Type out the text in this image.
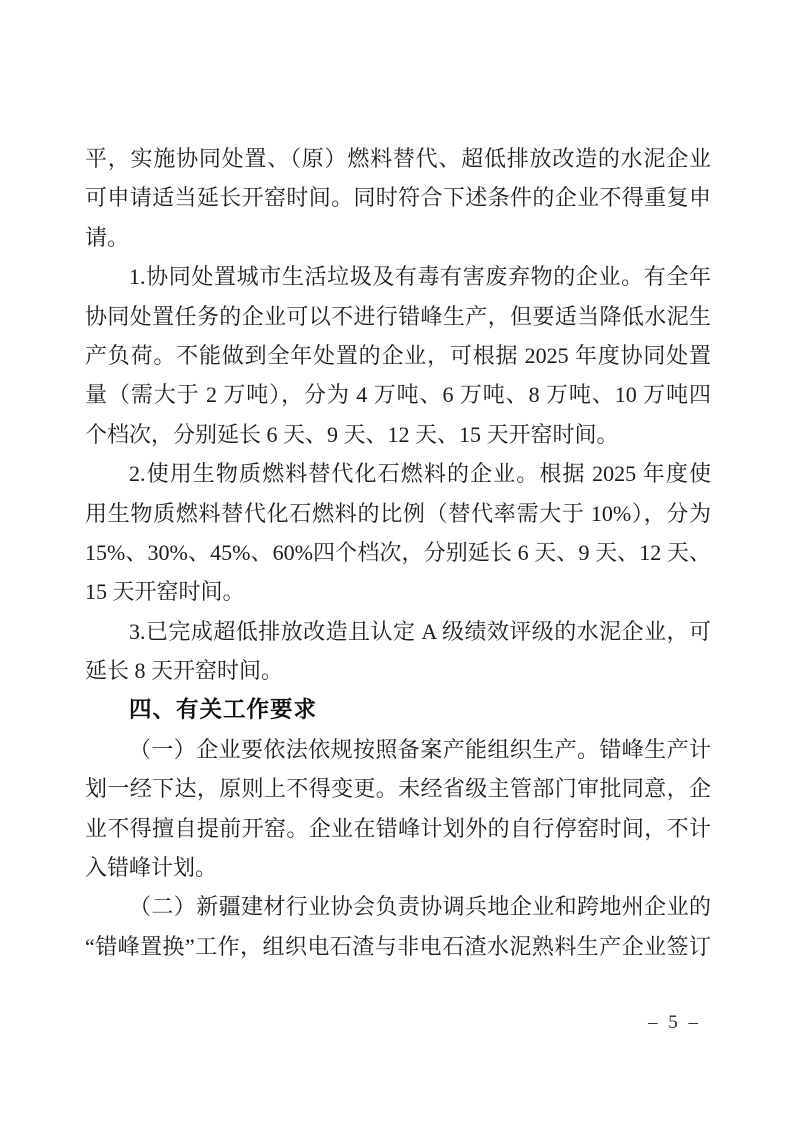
平，实施协同处置、（原）燃料替代、超低排放改造的水泥企业
可申请适当延长开窑时间。同时符合下述条件的企业不得重复申
请。
1.协同处置城市生活垃圾及有毒有害废弃物的企业。有全年
协同处置任务的企业可以不进行错峰生产，但要适当降低水泥生
产负荷。不能做到全年处置的企业，可根据 2025 年度协同处置
量（需大于 2 万吨），分为 4 万吨、6 万吨、8 万吨、10 万吨四
个档次，分别延长 6 天、9 天、12 天、15 天开窑时间。
2.使用生物质燃料替代化石燃料的企业。根据 2025 年度使
用生物质燃料替代化石燃料的比例（替代率需大于 10%），分为
15%、30%、45%、60%四个档次，分别延长 6 天、9 天、12 天、
15 天开窑时间。
3.已完成超低排放改造且认定 A 级绩效评级的水泥企业，可
延长 8 天开窑时间。
四、有关工作要求
（一）企业要依法依规按照备案产能组织生产。错峰生产计
划一经下达，原则上不得变更。未经省级主管部门审批同意，企
业不得擅自提前开窑。企业在错峰计划外的自行停窑时间，不计
入错峰计划。
（二）新疆建材行业协会负责协调兵地企业和跨地州企业的
“错峰置换”工作，组织电石渣与非电石渣水泥熟料生产企业签订
– 5 –
